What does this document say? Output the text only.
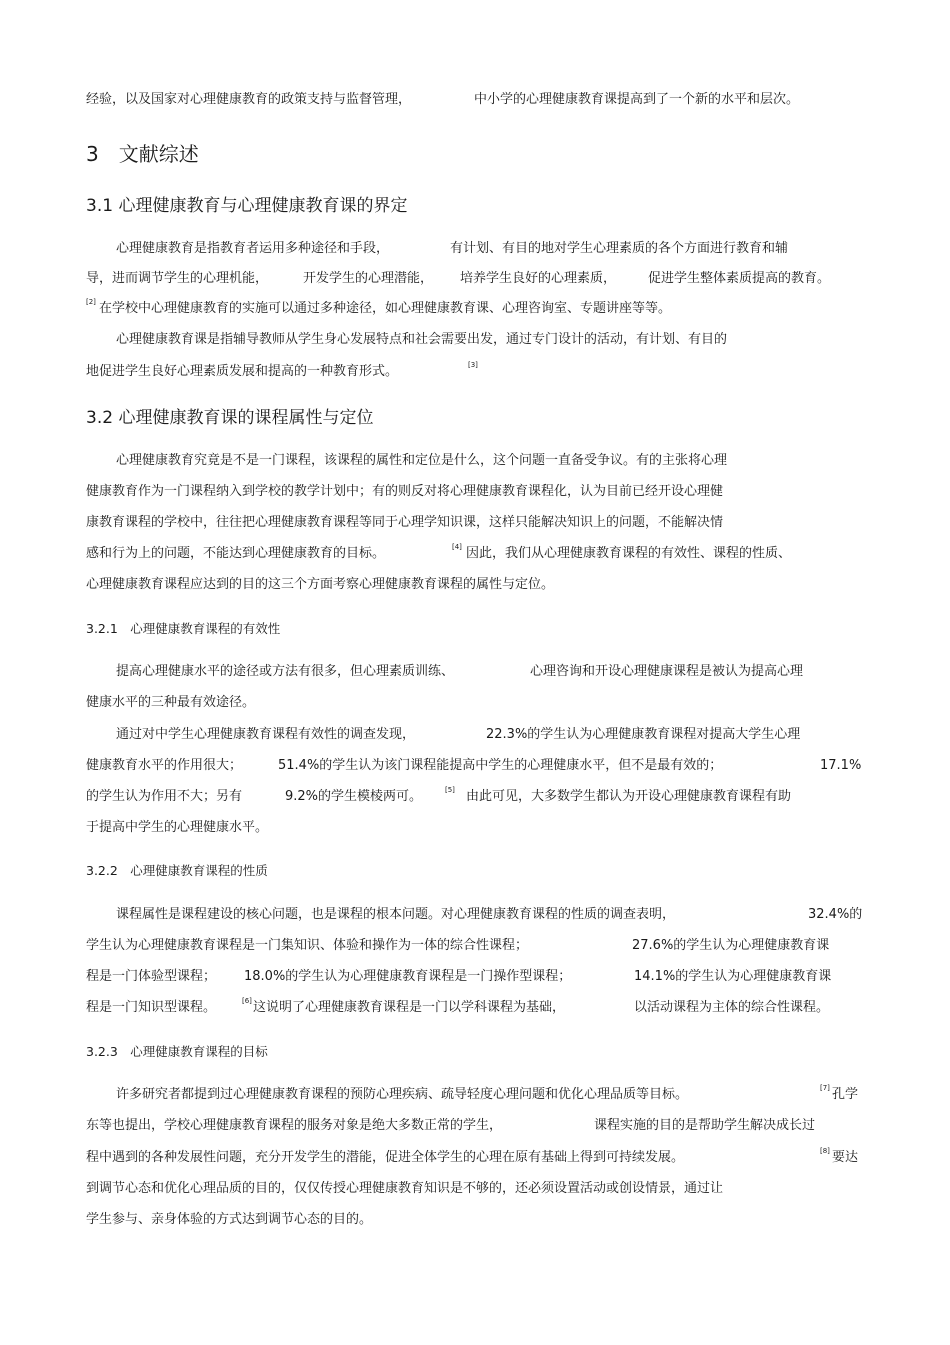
经验，以及国家对心理健康教育的政策支持与监督管理，	中小学的心理健康教育课提高到了一个新的水平和层次。
3　文献综述
3.1 心理健康教育与心理健康教育课的界定
心理健康教育是指教育者运用多种途径和手段，	有计划、有目的地对学生心理素质的各个方面进行教育和辅
导，进而调节学生的心理机能，	开发学生的心理潜能， 培养学生良好的心理素质， 促进学生整体素质提高的教育。
[2] 在学校中心理健康教育的实施可以通过多种途径，如心理健康教育课、心理咨询室、专题讲座等等。
心理健康教育课是指辅导教师从学生身心发展特点和社会需要出发，通过专门设计的活动，有计划、有目的
地促进学生良好心理素质发展和提高的一种教育形式。	[3]
3.2 心理健康教育课的课程属性与定位
心理健康教育究竟是不是一门课程，该课程的属性和定位是什么，这个问题一直备受争议。有的主张将心理
健康教育作为一门课程纳入到学校的教学计划中；有的则反对将心理健康教育课程化，认为目前已经开设心理健
康教育课程的学校中，往往把心理健康教育课程等同于心理学知识课，这样只能解决知识上的问题，不能解决情
感和行为上的问题，不能达到心理健康教育的目标。	[4] 因此，我们从心理健康教育课程的有效性、课程的性质、
心理健康教育课程应达到的目的这三个方面考察心理健康教育课程的属性与定位。
3.2.1　心理健康教育课程的有效性
提高心理健康水平的途径或方法有很多，但心理素质训练、	心理咨询和开设心理健康课程是被认为提高心理
健康水平的三种最有效途径。
通过对中学生心理健康教育课程有效性的调查发现，	22.3%的学生认为心理健康教育课程对提高大学生心理
健康教育水平的作用很大；	51.4%的学生认为该门课程能提高中学生的心理健康水平，但不是最有效的；	17.1%
的学生认为作用不大；另有	9.2%的学生模棱两可。	[5] 由此可见，大多数学生都认为开设心理健康教育课程有助
于提高中学生的心理健康水平。
3.2.2　心理健康教育课程的性质
课程属性是课程建设的核心问题，也是课程的根本问题。对心理健康教育课程的性质的调查表明，	32.4%的
学生认为心理健康教育课程是一门集知识、体验和操作为一体的综合性课程；	27.6%的学生认为心理健康教育课
程是一门体验型课程； 18.0%的学生认为心理健康教育课程是一门操作型课程；	14.1%的学生认为心理健康教育课
程是一门知识型课程。	[6] 这说明了心理健康教育课程是一门以学科课程为基础，	以活动课程为主体的综合性课程。
3.2.3　心理健康教育课程的目标
许多研究者都提到过心理健康教育课程的预防心理疾病、疏导轻度心理问题和优化心理品质等目标。	[7] 孔学
东等也提出，学校心理健康教育课程的服务对象是绝大多数正常的学生，	课程实施的目的是帮助学生解决成长过
程中遇到的各种发展性问题，充分开发学生的潜能，促进全体学生的心理在原有基础上得到可持续发展。	[8] 要达
到调节心态和优化心理品质的目的，仅仅传授心理健康教育知识是不够的，还必须设置活动或创设情景，通过让
学生参与、亲身体验的方式达到调节心态的目的。
